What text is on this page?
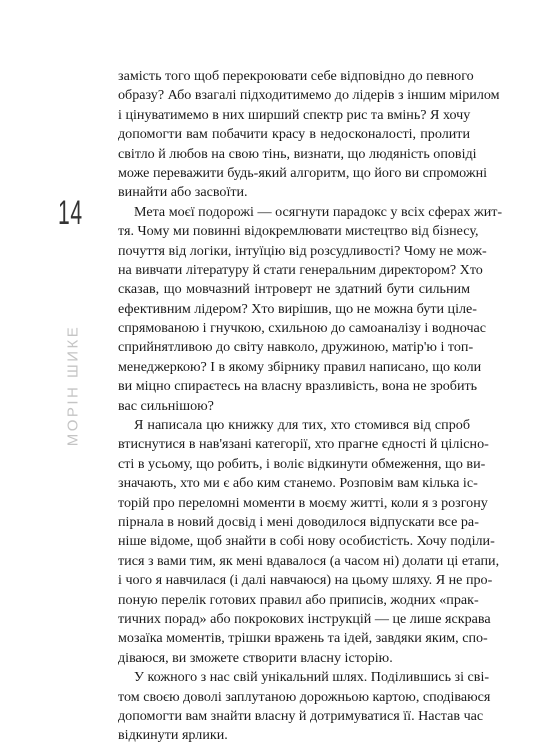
14
МОРІН ШИКЕ
замість того щоб перекроювати себе відповідно до певного
образу? Або взагалі підходитимемо до лідерів з іншим мірилом
і цінуватимемо в них ширший спектр рис та вмінь? Я хочу
допомогти вам побачити красу в недосконалості, пролити
світло й любов на свою тінь, визнати, що людяність оповіді
може переважити будь-який алгоритм, що його ви спроможні
винайти або засвоїти.
Мета моєї подорожі — осягнути парадокс у всіх сферах жит-
тя. Чому ми повинні відокремлювати мистецтво від бізнесу,
почуття від логіки, інтуїцію від розсудливості? Чому не мож-
на вивчати літературу й стати генеральним директором? Хто
сказав, що мовчазний інтроверт не здатний бути сильним
ефективним лідером? Хто вирішив, що не можна бути ціле-
спрямованою і гнучкою, схильною до самоаналізу і водночас
сприйнятливою до світу навколо, дружиною, матір'ю і топ-
менеджеркою? І в якому збірнику правил написано, що коли
ви міцно спираєтесь на власну вразливість, вона не зробить
вас сильнішою?
Я написала цю книжку для тих, хто стомився від спроб
втиснутися в нав'язані категорії, хто прагне єдності й цілісно-
сті в усьому, що робить, і воліє відкинути обмеження, що ви-
значають, хто ми є або ким станемо. Розповім вам кілька іс-
торій про переломні моменти в моєму житті, коли я з розгону
пірнала в новий досвід і мені доводилося відпускати все ра-
ніше відоме, щоб знайти в собі нову особистість. Хочу поділи-
тися з вами тим, як мені вдавалося (а часом ні) долати ці етапи,
і чого я навчилася (і далі навчаюся) на цьому шляху. Я не про-
поную перелік готових правил або приписів, жодних «прак-
тичних порад» або покрокових інструкцій — це лише яскрава
мозаїка моментів, трішки вражень та ідей, завдяки яким, спо-
діваюся, ви зможете створити власну історію.
У кожного з нас свій унікальний шлях. Поділившись зі сві-
том своєю доволі заплутаною дорожньою картою, сподіваюся
допомогти вам знайти власну й дотримуватися її. Настав час
відкинути ярлики.
